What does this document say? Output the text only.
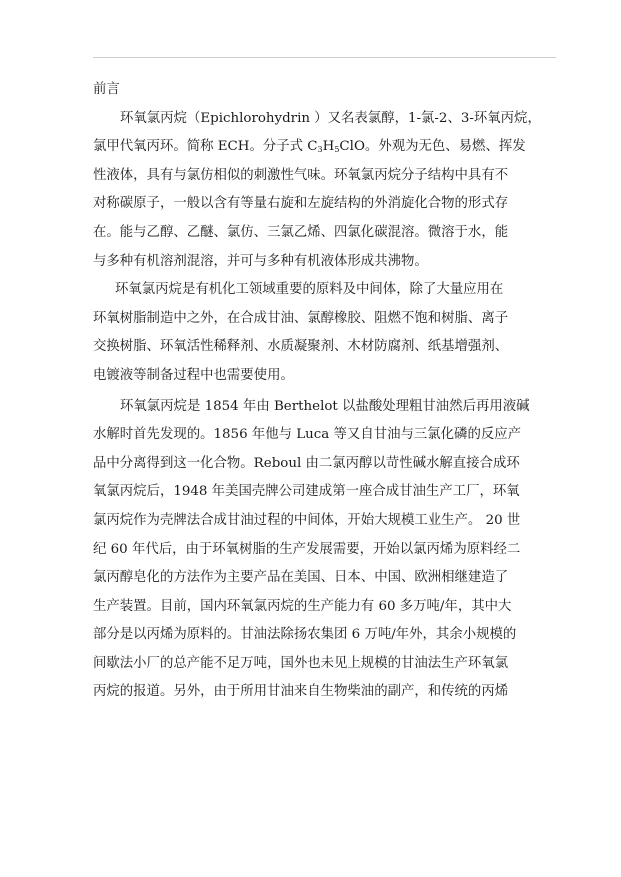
前言
环氧氯丙烷（Epichlorohydrin ）又名表氯醇，1-氯-2、3-环氧丙烷，
氯甲代氧丙环。简称 ECH。分子式 $C_3H_5ClO$。外观为无色、易燃、挥发
性液体，具有与氯仿相似的刺激性气味。环氧氯丙烷分子结构中具有不
对称碳原子，一般以含有等量右旋和左旋结构的外消旋化合物的形式存
在。能与乙醇、乙醚、氯仿、三氯乙烯、四氯化碳混溶。微溶于水，能
与多种有机溶剂混溶，并可与多种有机液体形成共沸物。
环氧氯丙烷是有机化工领域重要的原料及中间体，除了大量应用在
环氧树脂制造中之外，在合成甘油、氯醇橡胶、阻燃不饱和树脂、离子
交换树脂、环氧活性稀释剂、水质凝聚剂、木材防腐剂、纸基增强剂、
电镀液等制备过程中也需要使用。
环氧氯丙烷是 1854 年由 Berthelot 以盐酸处理粗甘油然后再用液碱
水解时首先发现的。1856 年他与 Luca 等又自甘油与三氯化磷的反应产
品中分离得到这一化合物。Reboul 由二氯丙醇以苛性碱水解直接合成环
氧氯丙烷后，1948 年美国壳牌公司建成第一座合成甘油生产工厂，环氧
氯丙烷作为壳牌法合成甘油过程的中间体，开始大规模工业生产。 20 世
纪 60 年代后，由于环氧树脂的生产发展需要，开始以氯丙烯为原料经二
氯丙醇皂化的方法作为主要产品在美国、日本、中国、欧洲相继建造了
生产装置。目前，国内环氧氯丙烷的生产能力有 60 多万吨/年，其中大
部分是以丙烯为原料的。甘油法除扬农集团 6 万吨/年外，其余小规模的
间歇法小厂的总产能不足万吨，国外也未见上规模的甘油法生产环氧氯
丙烷的报道。另外，由于所用甘油来自生物柴油的副产，和传统的丙烯
